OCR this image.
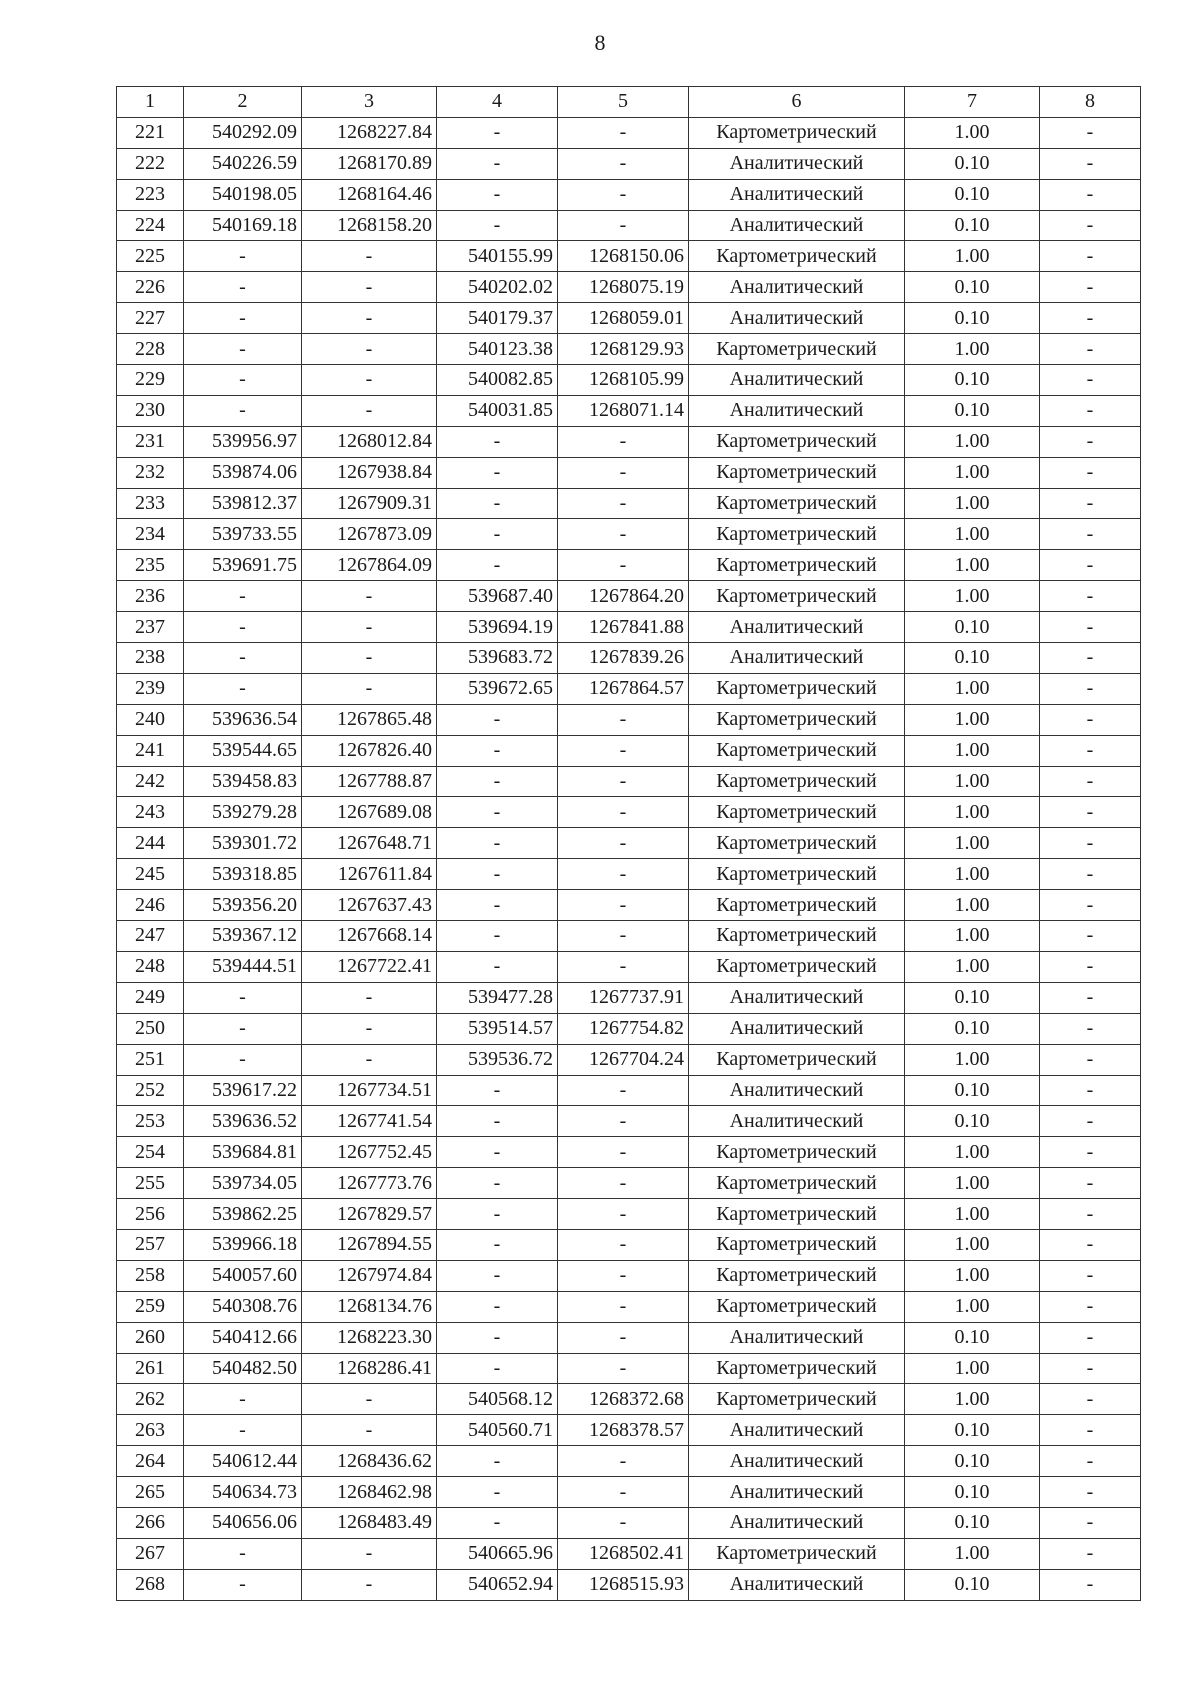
8
1	2	3	4	5	6	7	8
221	540292.09	1268227.84	-	-	Картометрический	1.00	-
222	540226.59	1268170.89	-	-	Аналитический	0.10	-
223	540198.05	1268164.46	-	-	Аналитический	0.10	-
224	540169.18	1268158.20	-	-	Аналитический	0.10	-
225	-	-	540155.99	1268150.06	Картометрический	1.00	-
226	-	-	540202.02	1268075.19	Аналитический	0.10	-
227	-	-	540179.37	1268059.01	Аналитический	0.10	-
228	-	-	540123.38	1268129.93	Картометрический	1.00	-
229	-	-	540082.85	1268105.99	Аналитический	0.10	-
230	-	-	540031.85	1268071.14	Аналитический	0.10	-
231	539956.97	1268012.84	-	-	Картометрический	1.00	-
232	539874.06	1267938.84	-	-	Картометрический	1.00	-
233	539812.37	1267909.31	-	-	Картометрический	1.00	-
234	539733.55	1267873.09	-	-	Картометрический	1.00	-
235	539691.75	1267864.09	-	-	Картометрический	1.00	-
236	-	-	539687.40	1267864.20	Картометрический	1.00	-
237	-	-	539694.19	1267841.88	Аналитический	0.10	-
238	-	-	539683.72	1267839.26	Аналитический	0.10	-
239	-	-	539672.65	1267864.57	Картометрический	1.00	-
240	539636.54	1267865.48	-	-	Картометрический	1.00	-
241	539544.65	1267826.40	-	-	Картометрический	1.00	-
242	539458.83	1267788.87	-	-	Картометрический	1.00	-
243	539279.28	1267689.08	-	-	Картометрический	1.00	-
244	539301.72	1267648.71	-	-	Картометрический	1.00	-
245	539318.85	1267611.84	-	-	Картометрический	1.00	-
246	539356.20	1267637.43	-	-	Картометрический	1.00	-
247	539367.12	1267668.14	-	-	Картометрический	1.00	-
248	539444.51	1267722.41	-	-	Картометрический	1.00	-
249	-	-	539477.28	1267737.91	Аналитический	0.10	-
250	-	-	539514.57	1267754.82	Аналитический	0.10	-
251	-	-	539536.72	1267704.24	Картометрический	1.00	-
252	539617.22	1267734.51	-	-	Аналитический	0.10	-
253	539636.52	1267741.54	-	-	Аналитический	0.10	-
254	539684.81	1267752.45	-	-	Картометрический	1.00	-
255	539734.05	1267773.76	-	-	Картометрический	1.00	-
256	539862.25	1267829.57	-	-	Картометрический	1.00	-
257	539966.18	1267894.55	-	-	Картометрический	1.00	-
258	540057.60	1267974.84	-	-	Картометрический	1.00	-
259	540308.76	1268134.76	-	-	Картометрический	1.00	-
260	540412.66	1268223.30	-	-	Аналитический	0.10	-
261	540482.50	1268286.41	-	-	Картометрический	1.00	-
262	-	-	540568.12	1268372.68	Картометрический	1.00	-
263	-	-	540560.71	1268378.57	Аналитический	0.10	-
264	540612.44	1268436.62	-	-	Аналитический	0.10	-
265	540634.73	1268462.98	-	-	Аналитический	0.10	-
266	540656.06	1268483.49	-	-	Аналитический	0.10	-
267	-	-	540665.96	1268502.41	Картометрический	1.00	-
268	-	-	540652.94	1268515.93	Аналитический	0.10	-
